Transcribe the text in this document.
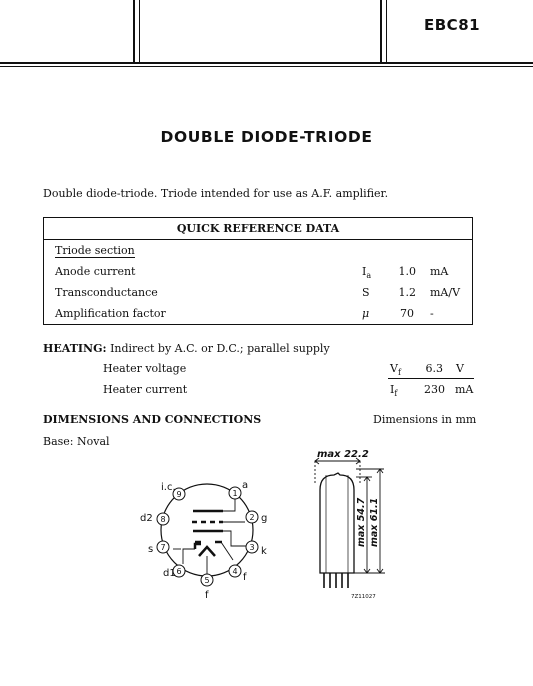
EBC81
DOUBLE DIODE-TRIODE
Double diode-triode. Triode intended for use as A.F. amplifier.
QUICK REFERENCE DATA
Triode section
Anode current	$I_a$	1.0 mA
Transconductance	S	1.2 mA/V
Amplification factor	μ	70 -
HEATING: Indirect by A.C. or D.C.; parallel supply
Heater voltage	$V_f$	6.3 V
Heater current	$I_f$	230 mA
DIMENSIONS AND CONNECTIONS	Dimensions in mm
Base: Noval
1
2
3
4
5
6
7
8
9
a
g
k
f
f
d1
s
d2
i.c.
max 22.2
max 54.7 max 61.1
7Z11027
